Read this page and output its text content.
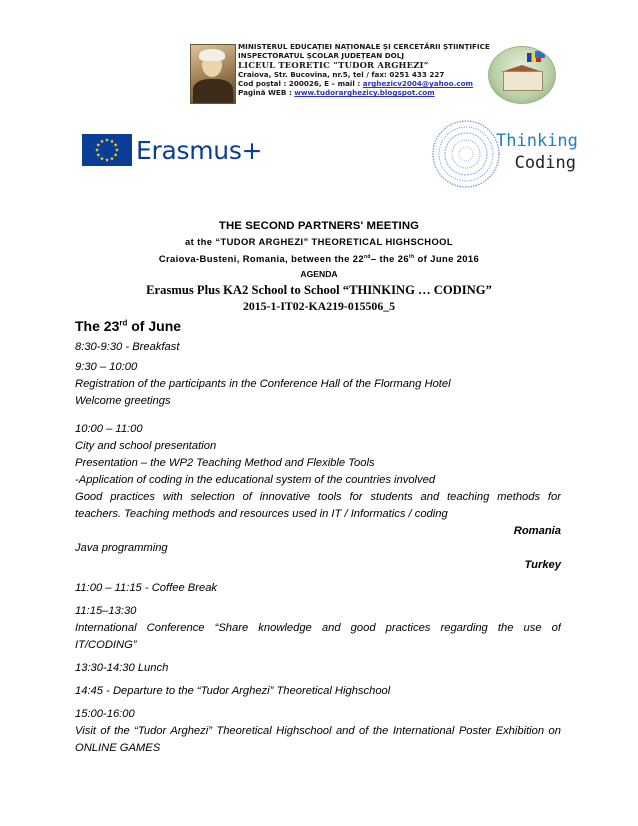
MINISTERUL EDUCAȚIEI NAȚIONALE ȘI CERCETĂRII ȘTIINȚIFICE
INSPECTORATUL ȘCOLAR JUDEȚEAN DOLJ
LICEUL TEORETIC “TUDOR ARGHEZI”
Craiova, Str. Bucovina, nr.5, tel / fax: 0251 433 227
Cod poștal : 200026, E – mail : arghezicv2004@yahoo.com
Pagină WEB : www.tudorarghezicy.blogspot.com
Erasmus+	Thinking
Coding
THE SECOND PARTNERS' MEETING
at the “TUDOR ARGHEZI” THEORETICAL HIGHSCHOOL
Craiova-Busteni, Romania, between the 22nd– the 26th of June 2016
AGENDA
Erasmus Plus KA2 School to School “THINKING … CODING”
2015-1-IT02-KA219-015506_5
The 23rd of June
8:30-9:30 - Breakfast
9:30 – 10:00
Registration of the participants in the Conference Hall of the Flormang Hotel
Welcome greetings
10:00 – 11:00
City and school presentation
Presentation – the WP2 Teaching Method and Flexible Tools
-Application of coding in the educational system of the countries involved
Good practices with selection of innovative tools for students and teaching methods for
teachers. Teaching methods and resources used in IT / Informatics / coding
Romania
Java programming
Turkey
11:00 – 11:15 - Coffee Break
11:15–13:30
International Conference “Share knowledge and good practices regarding the use of
IT/CODING”
13:30-14:30 Lunch
14:45 - Departure to the “Tudor Arghezi” Theoretical Highschool
15:00-16:00
Visit of the “Tudor Arghezi” Theoretical Highschool and of the International Poster Exhibition on
ONLINE GAMES
